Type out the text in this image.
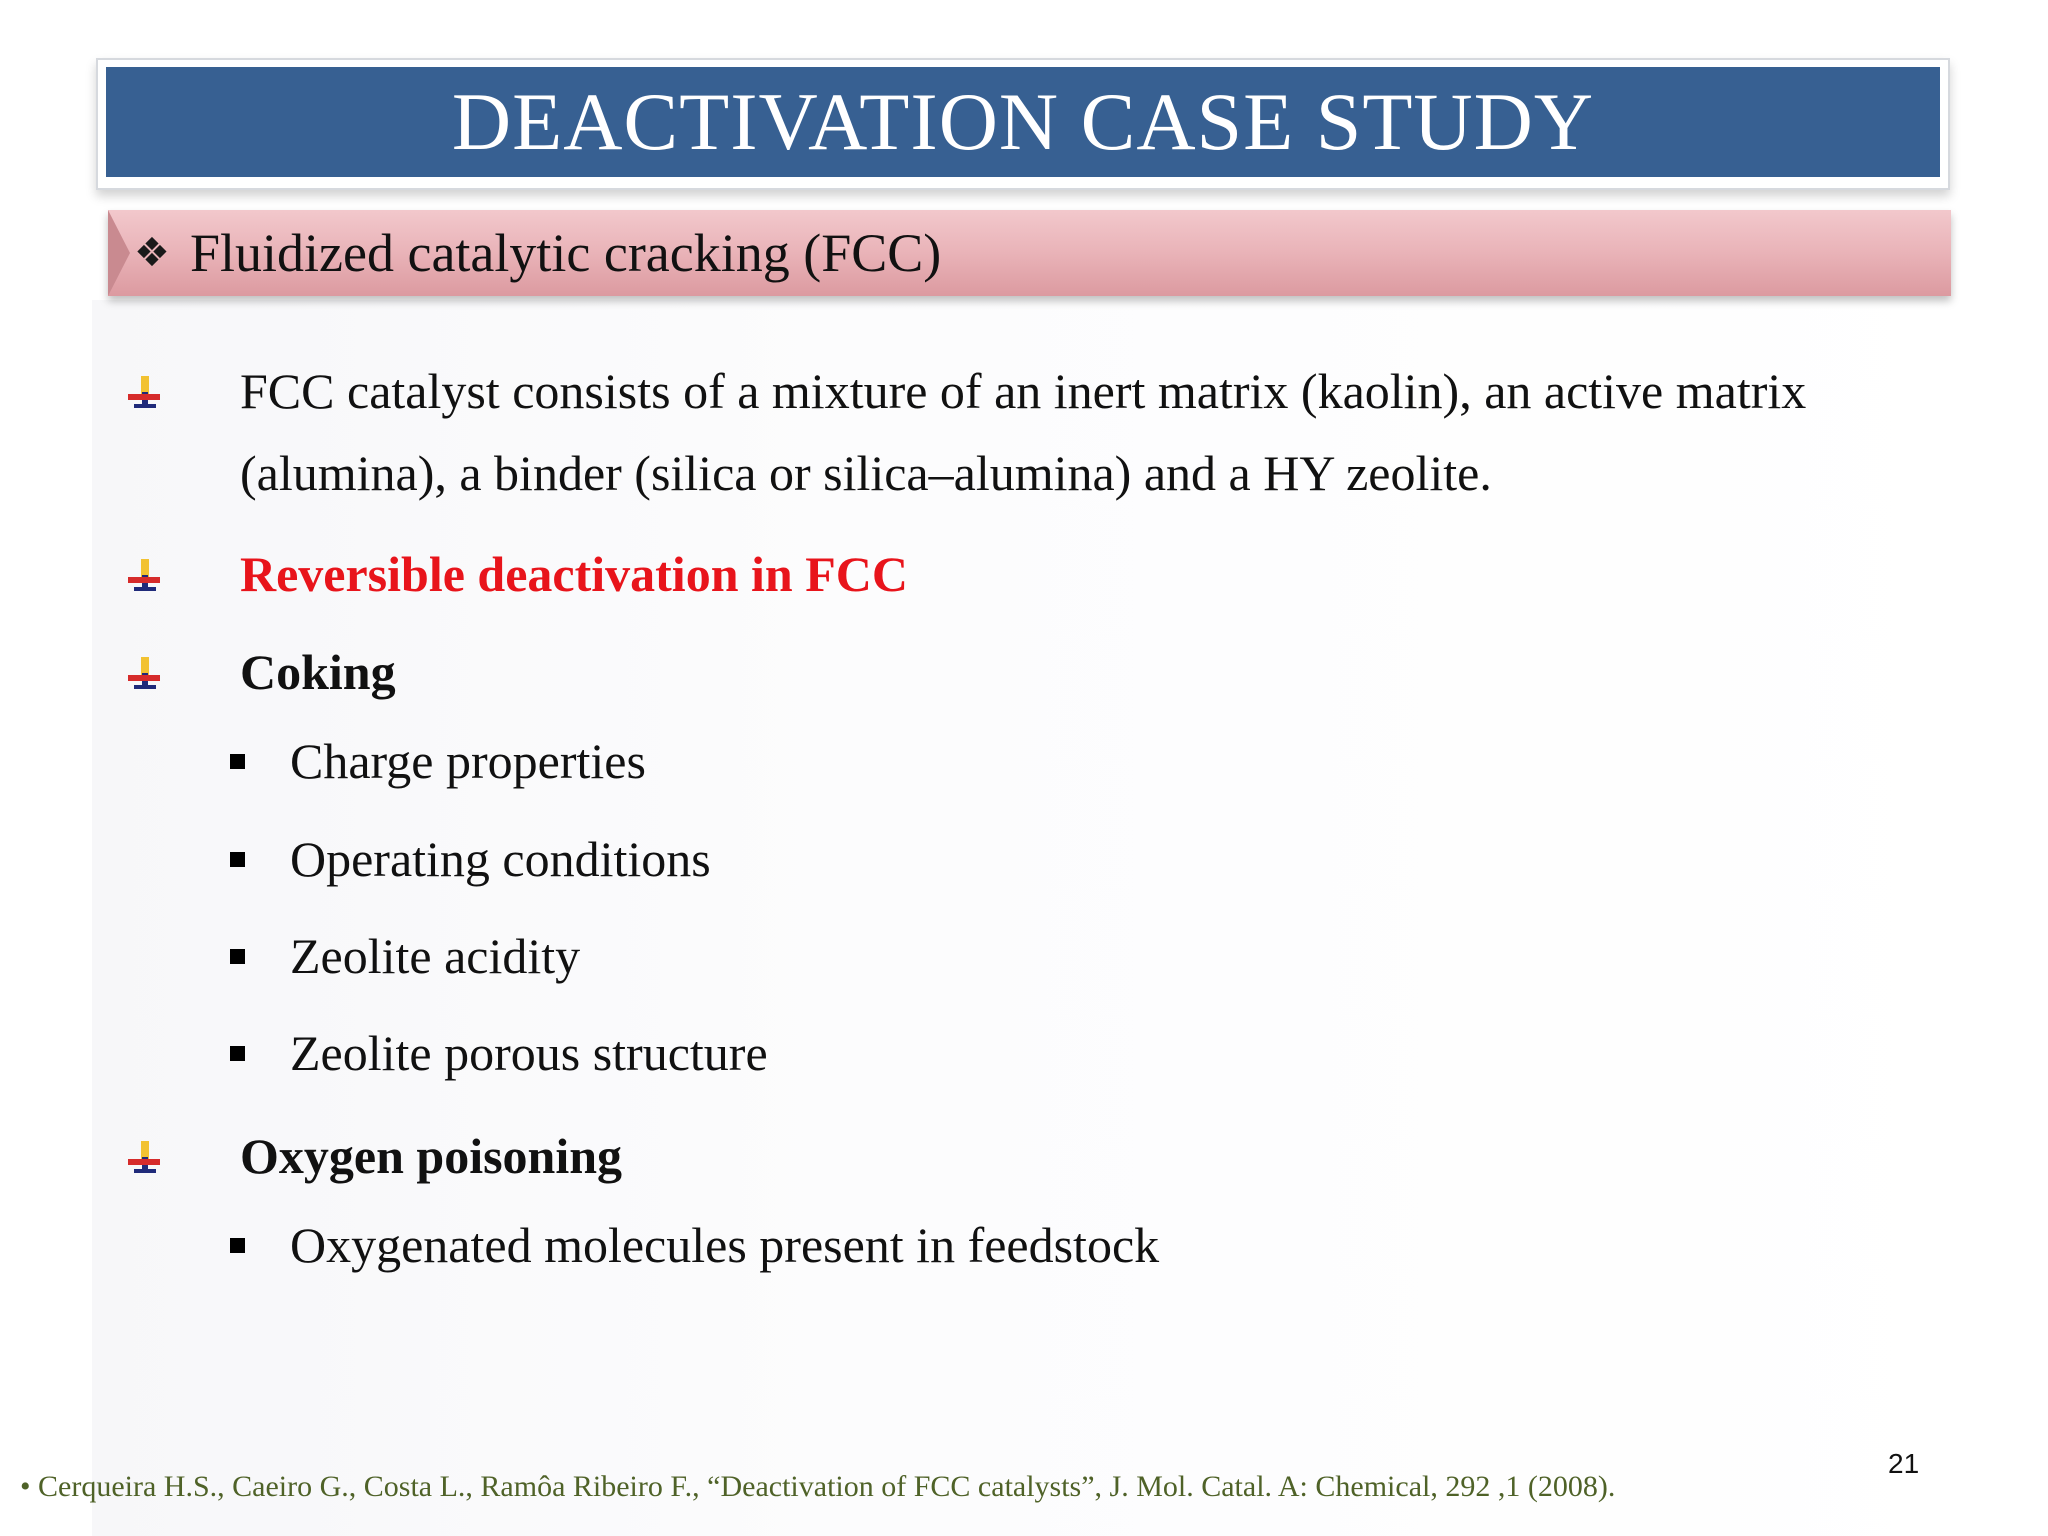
DEACTIVATION CASE STUDY
❖ Fluidized catalytic cracking (FCC)
FCC catalyst consists of a mixture of an inert matrix (kaolin), an active matrix (alumina), a binder (silica or silica–alumina) and a HY zeolite.
Reversible deactivation in FCC
Coking
Charge properties
Operating conditions
Zeolite acidity
Zeolite porous structure
Oxygen poisoning
Oxygenated molecules present in feedstock
21
• Cerqueira H.S., Caeiro G., Costa L., Ramôa Ribeiro F., “Deactivation of FCC catalysts”, J. Mol. Catal. A: Chemical, 292 ,1 (2008).
